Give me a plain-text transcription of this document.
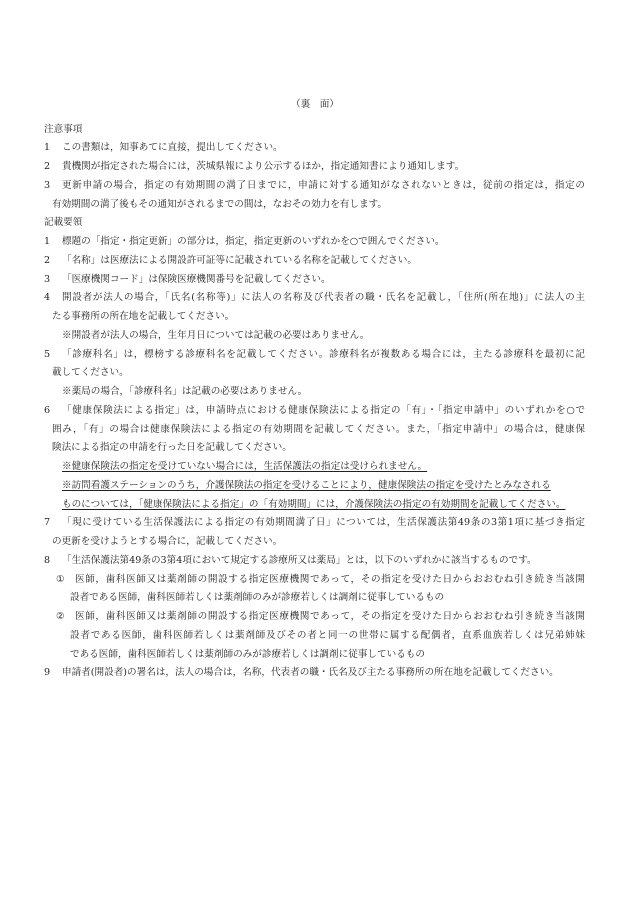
（裏　面）
注意事項
1 この書類は，知事あてに直接，提出してください。
2 貴機関が指定された場合には，茨城県報により公示するほか，指定通知書により通知します。
3	更新申請の場合，指定の有効期間の満了日までに，申請に対する通知がなされないときは，従前の指定は，指定の
有効期間の満了後もその通知がされるまでの間は，なおその効力を有します。
記載要領
1 標題の「指定・指定更新」の部分は，指定，指定更新のいずれかを○で囲んでください。
2 「名称」は医療法による開設許可証等に記載されている名称を記載してください。
3 「医療機関コード」は保険医療機関番号を記載してください。
4	開設者が法人の場合，「氏名(名称等)」に法人の名称及び代表者の職・氏名を記載し，「住所(所在地)」に法人の主
たる事務所の所在地を記載してください。
※開設者が法人の場合，生年月日については記載の必要はありません。
5	「診療科名」は，標榜する診療科名を記載してください。診療科名が複数ある場合には，主たる診療科を最初に記
載してください。
※薬局の場合，「診療科名」は記載の必要はありません。
6	「健康保険法による指定」は，申請時点における健康保険法による指定の「有」・「指定申請中」のいずれかを○で
囲み，「有」の場合は健康保険法による指定の有効期間を記載してください。また，「指定申請中」の場合は，健康保
険法による指定の申請を行った日を記載してください。
※健康保険法の指定を受けていない場合には，生活保護法の指定は受けられません。
※訪問看護ステーションのうち，介護保険法の指定を受けることにより，健康保険法の指定を受けたとみなされる
ものについては，「健康保険法による指定」の「有効期間」には，介護保険法の指定の有効期間を記載してください。
7	「現に受けている生活保護法による指定の有効期間満了日」については，生活保護法第49条の3第1項に基づき指定
の更新を受けようとする場合に，記載してください。
8 「生活保護法第49条の3第4項において規定する診療所又は薬局」とは，以下のいずれかに該当するものです。
①	医師，歯科医師又は薬剤師の開設する指定医療機関であって，その指定を受けた日からおおむね引き続き当該開
設者である医師，歯科医師若しくは薬剤師のみが診療若しくは調剤に従事しているもの
②	医師，歯科医師又は薬剤師の開設する指定医療機関であって，その指定を受けた日からおおむね引き続き当該開
設者である医師，歯科医師若しくは薬剤師及びその者と同一の世帯に属する配偶者，直系血族若しくは兄弟姉妹
である医師，歯科医師若しくは薬剤師のみが診療若しくは調剤に従事しているもの
9 申請者(開設者)の署名は，法人の場合は，名称，代表者の職・氏名及び主たる事務所の所在地を記載してください。
